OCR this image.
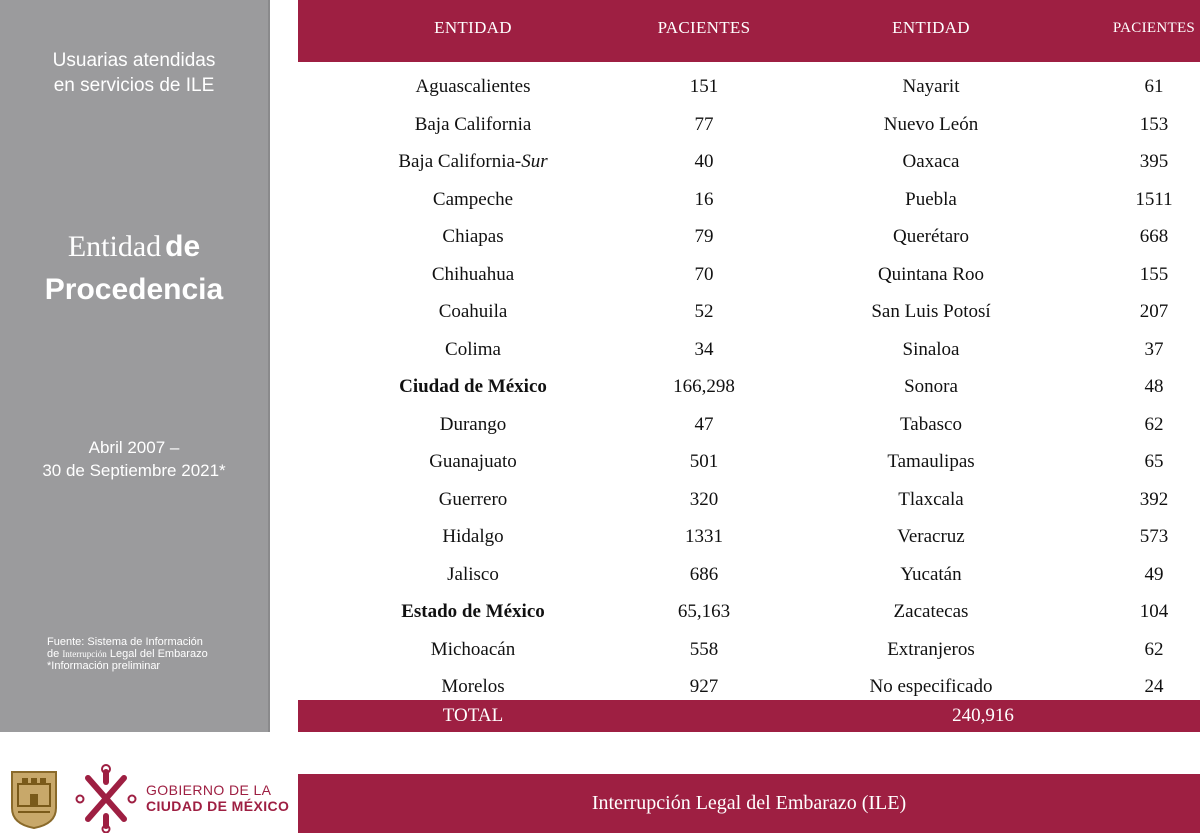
Usuarias atendidas
en servicios de ILE
Entidad de
Procedencia
Abril 2007 –
30 de Septiembre 2021*
Fuente: Sistema de Información
de Interrupción Legal del Embarazo
*Información preliminar
ENTIDAD	PACIENTES	ENTIDAD	PACIENTES
Aguascalientes	151	Nayarit	61
Baja California	77	Nuevo León	153
Baja California-Sur	40	Oaxaca	395
Campeche	16	Puebla	1511
Chiapas	79	Querétaro	668
Chihuahua	70	Quintana Roo	155
Coahuila	52	San Luis Potosí	207
Colima	34	Sinaloa	37
Ciudad de México	166,298	Sonora	48
Durango	47	Tabasco	62
Guanajuato	501	Tamaulipas	65
Guerrero	320	Tlaxcala	392
Hidalgo	1331	Veracruz	573
Jalisco	686	Yucatán	49
Estado de México	65,163	Zacatecas	104
Michoacán	558	Extranjeros	62
Morelos	927	No especificado	24
TOTAL	240,916
GOBIERNO DE LA
CIUDAD DE MÉXICO	Interrupción Legal del Embarazo (ILE)
